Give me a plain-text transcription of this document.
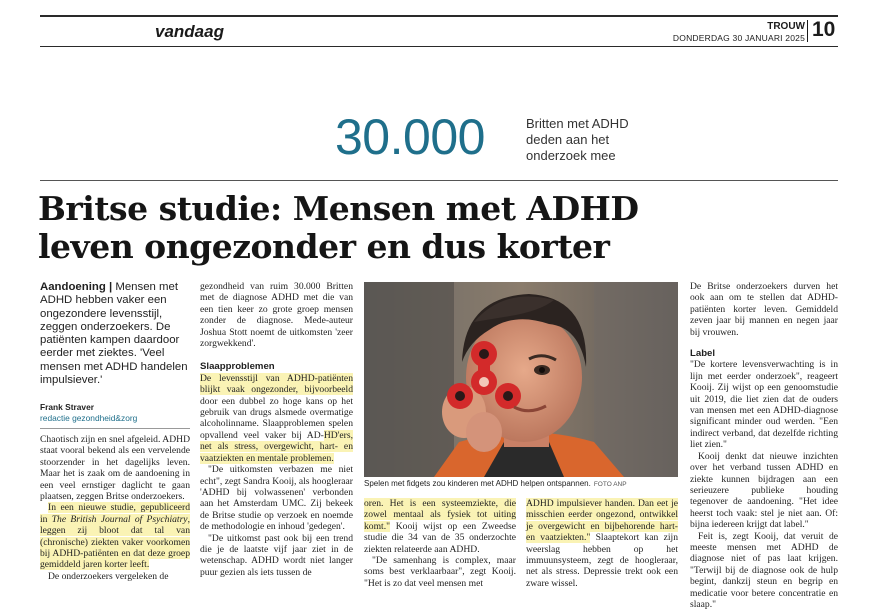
vandaag	TROUW
DONDERDAG 30 JANUARI 2025 10
30.000	Britten met ADHD deden aan het onderzoek mee
Britse studie: Mensen met ADHD leven ongezonder en dus korter
Aandoening | Mensen met ADHD hebben vaker een ongezondere levensstijl, zeggen onderzoekers. De patiënten kampen daardoor eerder met ziektes. 'Veel mensen met ADHD handelen impulsiever.'
Frank Straver
redactie gezondheid&zorg

Chaotisch zijn en snel afgeleid. ADHD staat vooral bekend als een vervelende stoorzender in het dagelijks leven. Maar het is zaak om de aandoening in een veel ernstiger daglicht te gaan plaatsen, zeggen Britse onderzoekers.

In een nieuwe studie, gepubliceerd in The British Journal of Psychiatry, leggen zij bloot dat tal van (chronische) ziekten vaker voorkomen bij ADHD-patiënten en dat deze groep gemiddeld jaren korter leeft.

De onderzoekers vergeleken de

gezondheid van ruim 30.000 Britten met de diagnose ADHD met die van een tien keer zo grote groep mensen zonder de diagnose. Mede-auteur Joshua Stott noemt de uitkomsten 'zeer zorgwekkend'.

Slaapproblemen

De levensstijl van ADHD-patiënten blijkt vaak ongezonder, bijvoorbeeld door een dubbel zo hoge kans op het gebruik van drugs alsmede overmatige alcoholinname. Slaapproblemen spelen opvallend veel vaker bij AD-HD'ers, net als stress, overgewicht, hart- en vaatziekten en mentale problemen.

"De uitkomsten verbazen me niet echt", zegt Sandra Kooij, als hoogleraar 'ADHD bij volwassenen' verbonden aan het Amsterdam UMC. Zij bekeek de Britse studie op verzoek en noemde de methodologie en inhoud 'gedegen'.

"De uitkomst past ook bij een trend die je de laatste vijf jaar ziet in de wetenschap. ADHD wordt niet langer puur gezien als iets tussen de

Spelen met fidgets zou kinderen met ADHD helpen ontspannen. FOTO ANP

oren. Het is een systeemziekte, die zowel mentaal als fysiek tot uiting komt." Kooij wijst op een Zweedse studie die 34 van de 35 onderzochte ziekten relateerde aan ADHD.

"De samenhang is complex, maar soms best verklaarbaar", zegt Kooij. "Het is zo dat veel mensen met

ADHD impulsiever handen. Dan eet je misschien eerder ongezond, ontwikkel je overgewicht en bijbehorende hart- en vaatziekten." Slaaptekort kan zijn weerslag hebben op het immuunsysteem, zegt de hoogleraar, net als stress. Depressie trekt ook een zware wissel.

De Britse onderzoekers durven het ook aan om te stellen dat ADHD-patiënten korter leven. Gemiddeld zeven jaar bij mannen en negen jaar bij vrouwen.

Label

"De kortere levensverwachting is in lijn met eerder onderzoek", reageert Kooij. Zij wijst op een genoomstudie uit 2019, die liet zien dat de ouders van mensen met een ADHD-diagnose significant minder oud werden. "Een indirect verband, dat dezelfde richting liet zien."

Kooij denkt dat nieuwe inzichten over het verband tussen ADHD en ziekte kunnen bijdragen aan een serieuzere publieke houding tegenover de aandoening. "Het idee heerst toch vaak: stel je niet aan. Of: bijna iedereen krijgt dat label."

Feit is, zegt Kooij, dat veruit de meeste mensen met ADHD de diagnose niet of pas laat krijgen. "Terwijl bij de diagnose ook de hulp begint, dankzij steun en begrip en medicatie voor betere concentratie en slaap."
